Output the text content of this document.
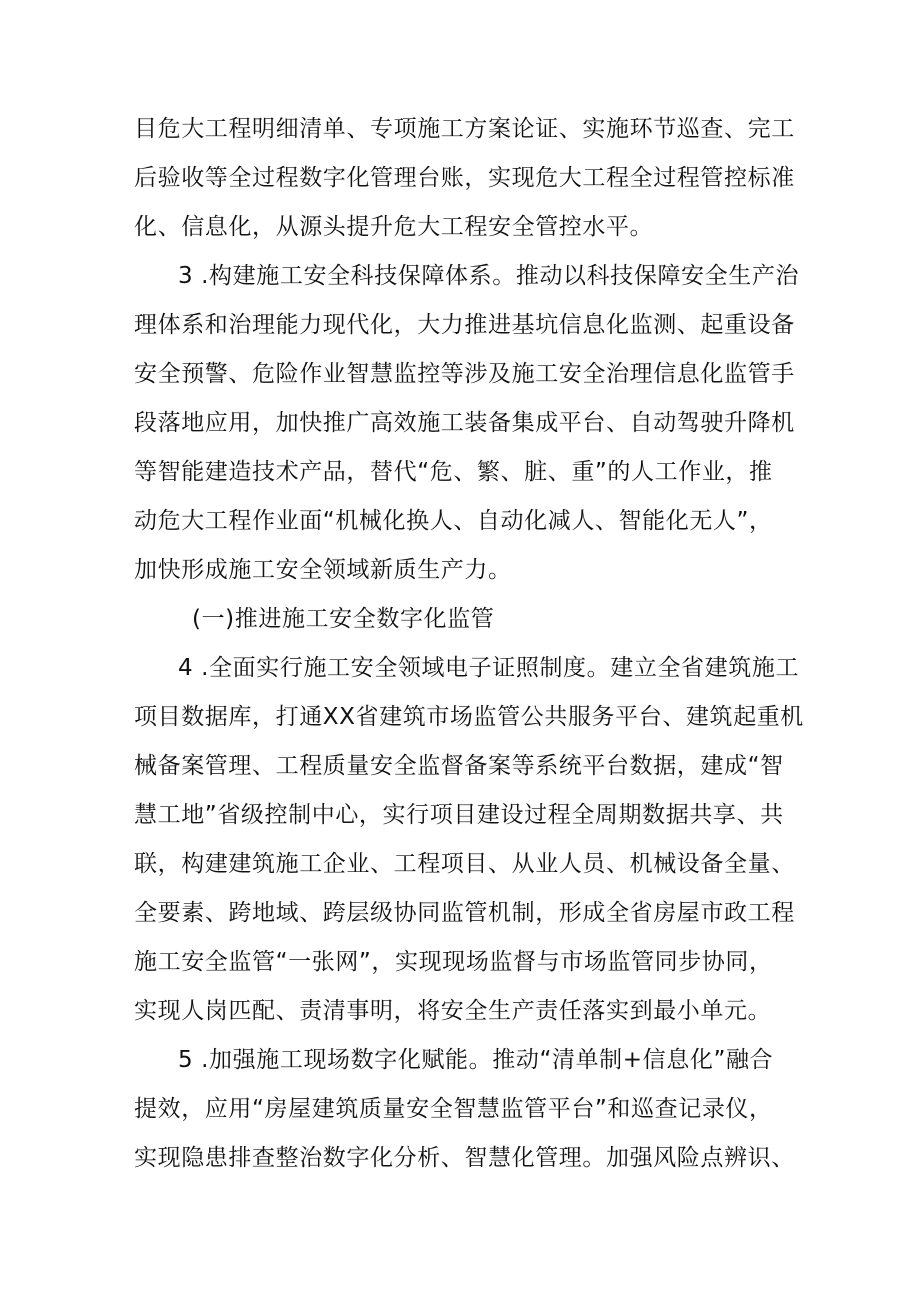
目危大工程明细清单、专项施工方案论证、实施环节巡查、完工
后验收等全过程数字化管理台账，实现危大工程全过程管控标准
化、信息化，从源头提升危大工程安全管控水平。
3 .构建施工安全科技保障体系。推动以科技保障安全生产治
理体系和治理能力现代化，大力推进基坑信息化监测、起重设备
安全预警、危险作业智慧监控等涉及施工安全治理信息化监管手
段落地应用，加快推广高效施工装备集成平台、自动驾驶升降机
等智能建造技术产品，替代“危、繁、脏、重”的人工作业，推
动危大工程作业面“机械化换人、自动化减人、智能化无人”，
加快形成施工安全领域新质生产力。
(一)推进施工安全数字化监管
4 .全面实行施工安全领域电子证照制度。建立全省建筑施工
项目数据库，打通XX省建筑市场监管公共服务平台、建筑起重机
械备案管理、工程质量安全监督备案等系统平台数据，建成“智
慧工地”省级控制中心，实行项目建设过程全周期数据共享、共
联，构建建筑施工企业、工程项目、从业人员、机械设备全量、
全要素、跨地域、跨层级协同监管机制，形成全省房屋市政工程
施工安全监管“一张网”，实现现场监督与市场监管同步协同，
实现人岗匹配、责清事明，将安全生产责任落实到最小单元。
5 .加强施工现场数字化赋能。推动“清单制+信息化”融合
提效，应用“房屋建筑质量安全智慧监管平台”和巡查记录仪，
实现隐患排查整治数字化分析、智慧化管理。加强风险点辨识、
